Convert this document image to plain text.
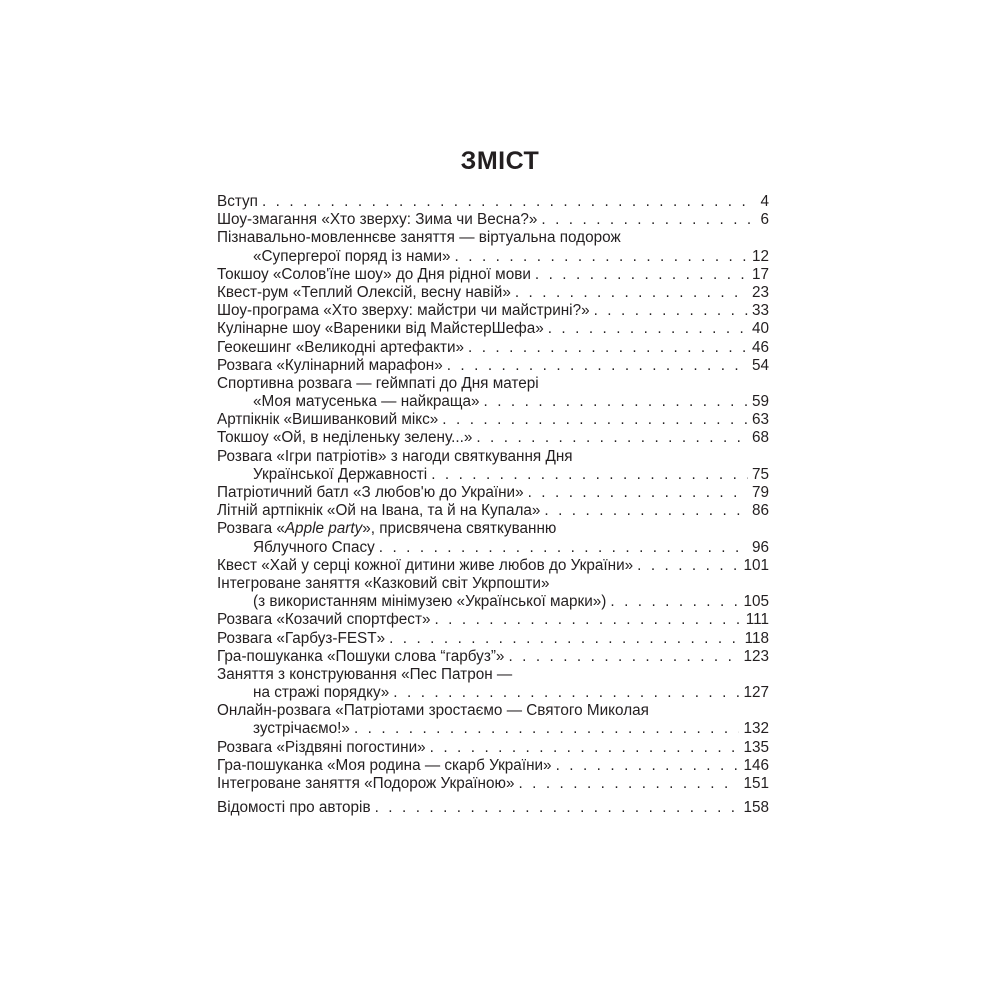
ЗМІСТ
Вступ . . .	4
Шоу-змагання «Хто зверху: Зима чи Весна?» . . .	6
Пізнавально-мовленнєве заняття — віртуальна подорож
«Супергерої поряд із нами» . . .	12
Токшоу «Солов'їне шоу» до Дня рідної мови . . .	17
Квест-рум «Теплий Олексій, весну навій» . . .	23
Шоу-програма «Хто зверху: майстри чи майстрині?» . . .	33
Кулінарне шоу «Вареники від МайстерШефа» . . .	40
Геокешинг «Великодні артефакти» . . .	46
Розвага «Кулінарний марафон» . . .	54
Спортивна розвага — геймпаті до Дня матері
«Моя матусенька — найкраща» . . .	59
Артпікнік «Вишиванковий мікс» . . .	63
Токшоу «Ой, в неділеньку зелену...» . . .	68
Розвага «Ігри патріотів» з нагоди святкування Дня
Української Державності . . .	75
Патріотичний батл «З любов'ю до України» . . .	79
Літній артпікнік «Ой на Івана, та й на Купала» . . .	86
Розвага «Apple party», присвячена святкуванню
Яблучного Спасу . . .	96
Квест «Хай у серці кожної дитини живе любов до України» . . .	101
Інтегроване заняття «Казковий світ Укрпошти»
(з використанням мінімузею «Української марки») . . .	105
Розвага «Козачий спортфест» . . .	111
Розвага «Гарбуз-FEST» . . .	118
Гра-пошуканка «Пошуки слова “гарбуз”» . . .	123
Заняття з конструювання «Пес Патрон —
на стражі порядку» . . .	127
Онлайн-розвага «Патріотами зростаємо — Святого Миколая
зустрічаємо!» . . .	132
Розвага «Різдвяні погостини» . . .	135
Гра-пошуканка «Моя родина — скарб України» . . .	146
Інтегроване заняття «Подорож Україною» . . .	151
Відомості про авторів . . .	158
